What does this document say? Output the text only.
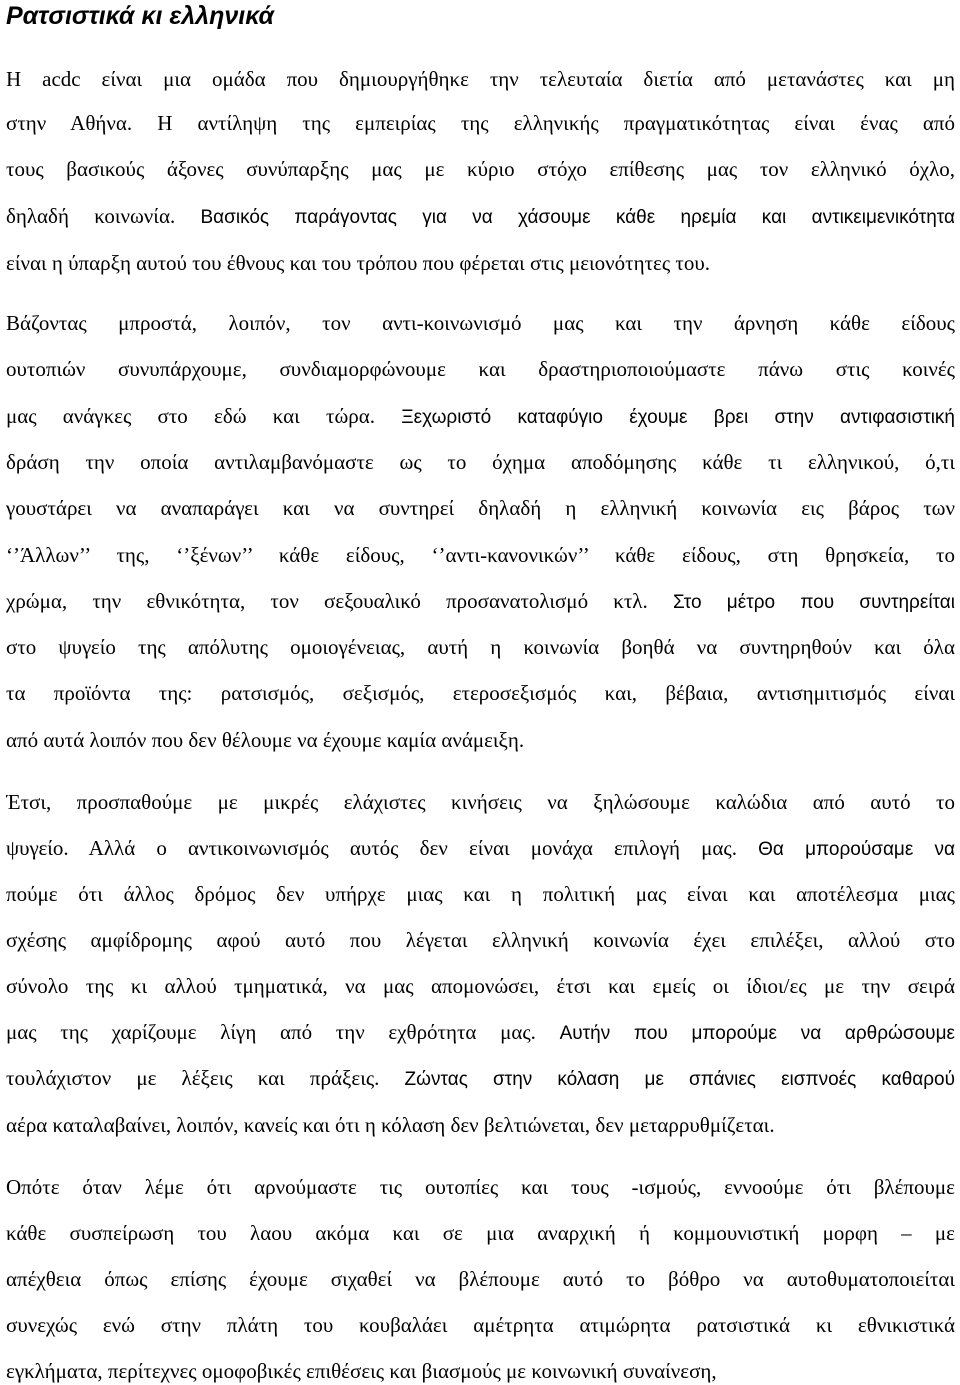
Ρατσιστικά κι ελληνικά
Η acdc είναι μια ομάδα που δημιουργήθηκε την τελευταία διετία από μετανάστες και μη
στην Αθήνα. Η αντίληψη της εμπειρίας της ελληνικής πραγματικότητας είναι ένας από
τους βασικούς άξονες συνύπαρξης μας με κύριο στόχο επίθεσης μας τον ελληνικό όχλο,
δηλαδή κοινωνία. Βασικός παράγοντας για να χάσουμε κάθε ηρεμία και αντικειμενικότητα
είναι η ύπαρξη αυτού του έθνους και του τρόπου που φέρεται στις μειονότητες του.
Βάζοντας μπροστά, λοιπόν, τον αντι-κοινωνισμό μας και την άρνηση κάθε είδους
ουτοπιών συνυπάρχουμε, συνδιαμορφώνουμε και δραστηριοποιούμαστε πάνω στις κοινές
μας ανάγκες στο εδώ και τώρα. Ξεχωριστό καταφύγιο έχουμε βρει στην αντιφασιστική
δράση την οποία αντιλαμβανόμαστε ως το όχημα αποδόμησης κάθε τι ελληνικού, ό,τι
γουστάρει να αναπαράγει και να συντηρεί δηλαδή η ελληνική κοινωνία εις βάρος των
‘’Άλλων’’ της, ‘’ξένων’’ κάθε είδους, ‘’αντι-κανονικών’’ κάθε είδους, στη θρησκεία, το
χρώμα, την εθνικότητα, τον σεξουαλικό προσανατολισμό κτλ. Στο μέτρο που συντηρείται
στο ψυγείο της απόλυτης ομοιογένειας, αυτή η κοινωνία βοηθά να συντηρηθούν και όλα
τα προϊόντα της: ρατσισμός, σεξισμός, ετεροσεξισμός και, βέβαια, αντισημιτισμός είναι
από αυτά λοιπόν που δεν θέλουμε να έχουμε καμία ανάμειξη.
Έτσι, προσπαθούμε με μικρές ελάχιστες κινήσεις να ξηλώσουμε καλώδια από αυτό το
ψυγείο. Αλλά ο αντικοινωνισμός αυτός δεν είναι μονάχα επιλογή μας. Θα μπορούσαμε να
πούμε ότι άλλος δρόμος δεν υπήρχε μιας και η πολιτική μας είναι και αποτέλεσμα μιας
σχέσης αμφίδρομης αφού αυτό που λέγεται ελληνική κοινωνία έχει επιλέξει, αλλού στο
σύνολο της κι αλλού τμηματικά, να μας απομονώσει, έτσι και εμείς οι ίδιοι/ες με την σειρά
μας της χαρίζουμε λίγη από την εχθρότητα μας. Αυτήν που μπορούμε να αρθρώσουμε
τουλάχιστον με λέξεις και πράξεις. Ζώντας στην κόλαση με σπάνιες εισπνοές καθαρού
αέρα καταλαβαίνει, λοιπόν, κανείς και ότι η κόλαση δεν βελτιώνεται, δεν μεταρρυθμίζεται.
Οπότε όταν λέμε ότι αρνούμαστε τις ουτοπίες και τους -ισμούς, εννοούμε ότι βλέπουμε
κάθε συσπείρωση του λαου ακόμα και σε μια αναρχική ή κομμουνιστική μορφη – με
απέχθεια όπως επίσης έχουμε σιχαθεί να βλέπουμε αυτό το βόθρο να αυτοθυματοποιείται
συνεχώς ενώ στην πλάτη του κουβαλάει αμέτρητα ατιμώρητα ρατσιστικά κι εθνικιστικά
εγκλήματα, περίτεχνες ομοφοβικές επιθέσεις και βιασμούς με κοινωνική συναίνεση,
